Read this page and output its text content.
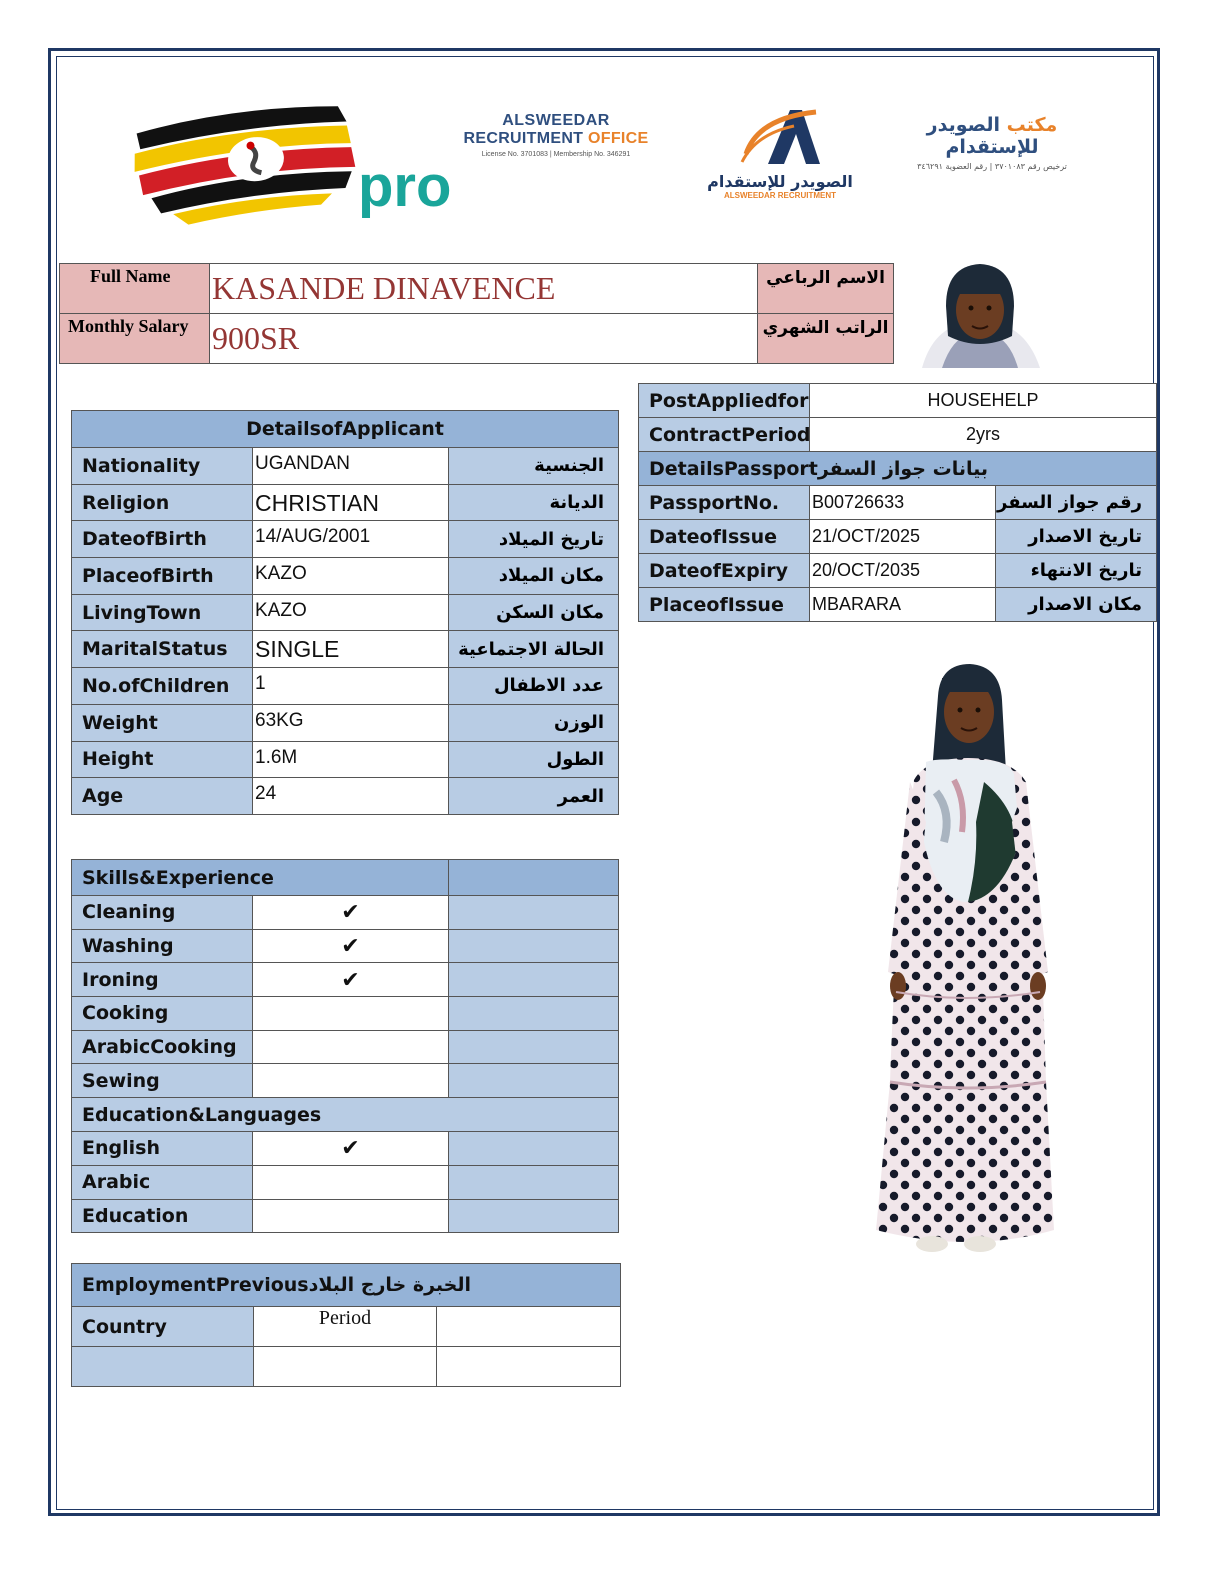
pro
ALSWEEDAR
RECRUITMENT OFFICE
License No. 3701083 | Membership No. 346291
الصويدر للإستقدام
ALSWEEDAR RECRUITMENT
مكتب الصويدر للإستقدام
ترخيص رقم ٣٧٠١٠٨٣ | رقم العضوية ٣٤٦٢٩١
Full Name	KASANDE DINAVENCE	الاسم الرباعي
Monthly Salary	900SR	الراتب الشهري
PostAppliedfor	HOUSEHELP	
ContractPeriod	2yrs	
DetailsPassportبيانات جواز السفر		
PassportNo.	B00726633	رقم جواز السفر
DateofIssue	21/OCT/2025	تاريخ الاصدار
DateofExpiry	20/OCT/2035	تاريخ الانتهاء
PlaceofIssue	MBARARA	مكان الاصدار
DetailsofApplicant		
Nationality	UGANDAN	الجنسية
Religion	CHRISTIAN	الديانة
DateofBirth	14/AUG/2001	تاريخ الميلاد
PlaceofBirth	KAZO	مكان الميلاد
LivingTown	KAZO	مكان السكن
MaritalStatus	SINGLE	الحالة الاجتماعية
No.ofChildren	1	عدد الاطفال
Weight	63KG	الوزن
Height	1.6M	الطول
Age	24	العمر
Skills&Experience		
Cleaning	✔	
Washing	✔	
Ironing	✔	
Cooking		
ArabicCooking		
Sewing		
Education&Languages		
English	✔	
Arabic		
Education		
EmploymentPreviousالخبرة خارج البلاد		
Country	Period	
